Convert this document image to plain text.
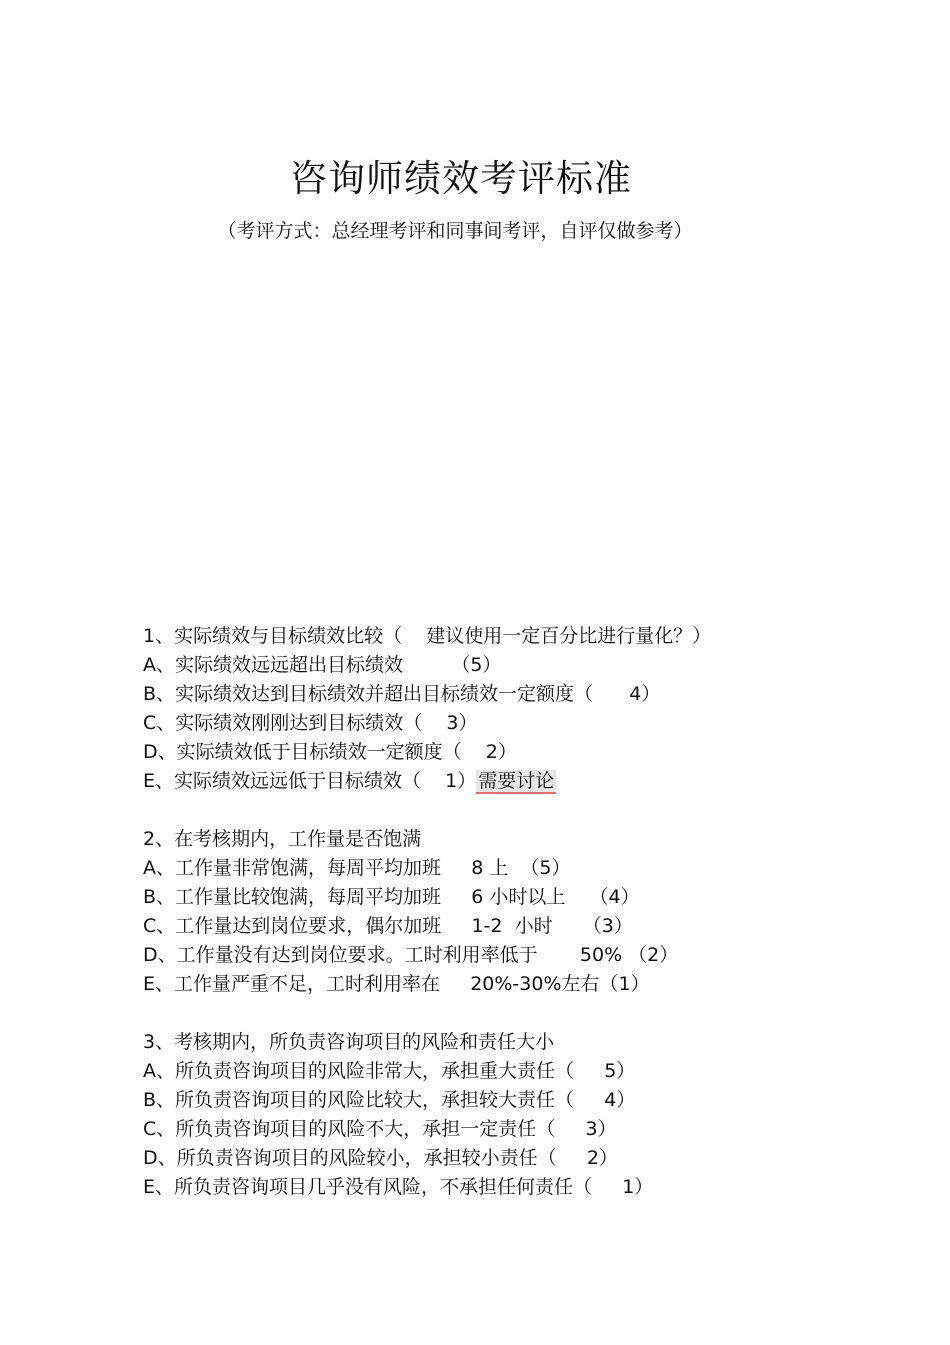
咨询师绩效考评标准
（考评方式：总经理考评和同事间考评，自评仅做参考）
1、实际绩效与目标绩效比较（    建议使用一定百分比进行量化？）
A、实际绩效远远超出目标绩效        （5）
B、实际绩效达到目标绩效并超出目标绩效一定额度（      4）
C、实际绩效刚刚达到目标绩效（    3）
D、实际绩效低于目标绩效一定额度（    2）
E、实际绩效远远低于目标绩效（    1） 需要讨论
2、在考核期内，工作量是否饱满
A、工作量非常饱满，每周平均加班     8 上  （5）
B、工作量比较饱满，每周平均加班     6 小时以上    （4）
C、工作量达到岗位要求，偶尔加班     1-2  小时     （3）
D、工作量没有达到岗位要求。工时利用率低于       50% （2）
E、工作量严重不足，工时利用率在     20%-30%左右（1）
3、考核期内，所负责咨询项目的风险和责任大小
A、所负责咨询项目的风险非常大，承担重大责任（     5）
B、所负责咨询项目的风险比较大，承担较大责任（     4）
C、所负责咨询项目的风险不大，承担一定责任（     3）
D、所负责咨询项目的风险较小，承担较小责任（     2）
E、所负责咨询项目几乎没有风险，不承担任何责任（     1）
